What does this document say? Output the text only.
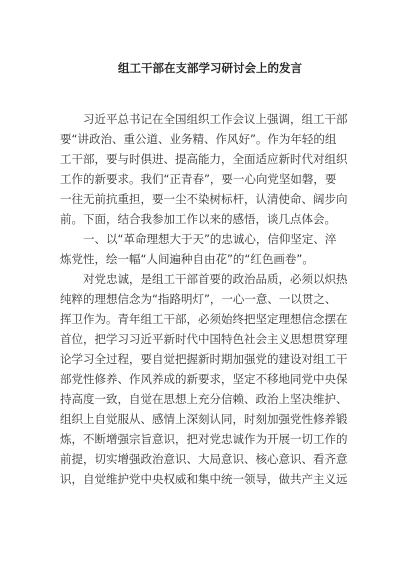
组工干部在支部学习研讨会上的发言

习近平总书记在全国组织工作会议上强调，组工干部
要“讲政治、重公道、业务精、作风好”。作为年轻的组
工干部，要与时俱进、提高能力，全面适应新时代对组织
工作的新要求。我们“正青春”，要一心向党坚如磐，要
一往无前抗重担，要一尘不染树标杆，认清使命、阔步向
前。下面，结合我参加工作以来的感悟，谈几点体会。

一、以“革命理想大于天”的忠诚心，信仰坚定、淬
炼党性，绘一幅“人间遍种自由花”的“红色画卷”。

对党忠诚，是组工干部首要的政治品质，必须以炽热
纯粹的理想信念为“指路明灯”，一心一意、一以贯之、
挥卫作为。青年组工干部，必须始终把坚定理想信念摆在
首位，把学习习近平新时代中国特色社会主义思想贯穿理
论学习全过程，要自觉把握新时期加强党的建设对组工干
部党性修养、作风养成的新要求，坚定不移地同党中央保
持高度一致，自觉在思想上充分信赖、政治上坚决维护、
组织上自觉服从、感情上深刻认同，时刻加强党性修养锻
炼，不断增强宗旨意识，把对党忠诚作为开展一切工作的
前提，切实增强政治意识、大局意识、核心意识、看齐意
识，自觉维护党中央权威和集中统一领导，做共产主义远
